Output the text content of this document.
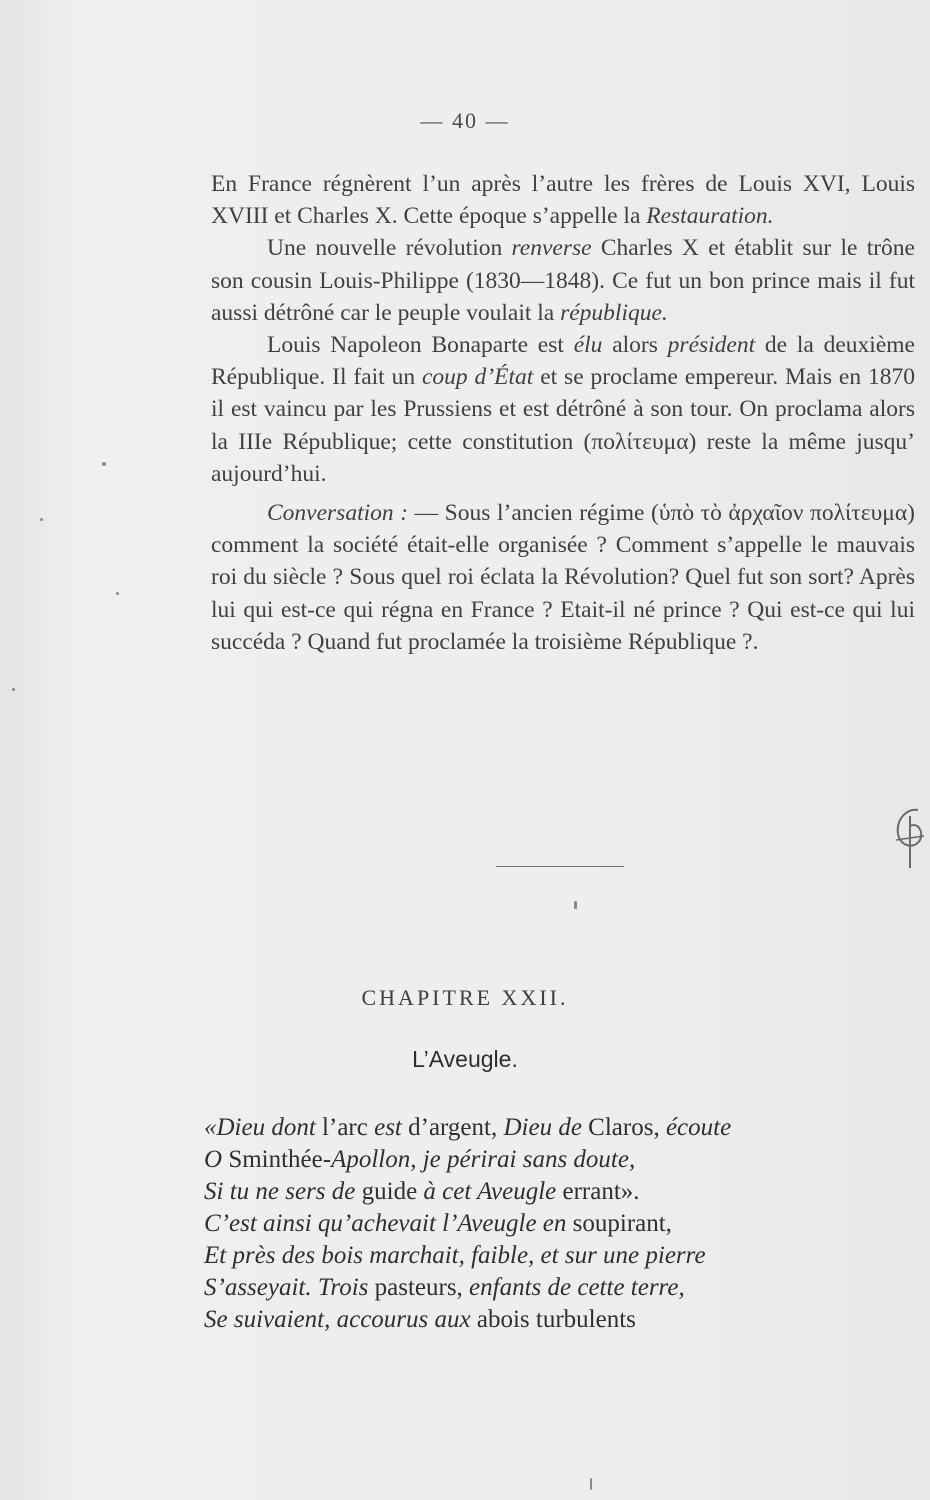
— 40 —

En France régnèrent l’un après l’autre les frères de Louis XVI, Louis XVIII et Charles X. Cette époque s’appelle la Restauration.

Une nouvelle révolution renverse Charles X et établit sur le trône son cousin Louis-Philippe (1830—1848). Ce fut un bon prince mais il fut aussi détrôné car le peuple voulait la république.

Louis Napoleon Bonaparte est élu alors président de la deuxième République. Il fait un coup d’État et se proclame empereur. Mais en 1870 il est vaincu par les Prussiens et est détrôné à son tour. On proclama alors la IIIe République; cette constitution (πολίτευμα) reste la même jusqu’ aujourd’hui.

Conversation : — Sous l’ancien régime (ὑπὸ τὸ ἀρχαῖον πολίτευμα) comment la société était-elle organisée ? Comment s’appelle le mauvais roi du siècle ? Sous quel roi éclata la Révolution? Quel fut son sort? Après lui qui est-ce qui régna en France ? Etait-il né prince ? Qui est-ce qui lui succéda ? Quand fut proclamée la troisième République ?.

CHAPITRE XXII.
L’Aveugle.
«Dieu dont l’arc est d’argent, Dieu de Claros, écoute
O Sminthée-Apollon, je périrai sans doute,
Si tu ne sers de guide à cet Aveugle errant».
C’est ainsi qu’achevait l’Aveugle en soupirant,
Et près des bois marchait, faible, et sur une pierre
S’asseyait. Trois pasteurs, enfants de cette terre,
Se suivaient, accourus aux abois turbulents
